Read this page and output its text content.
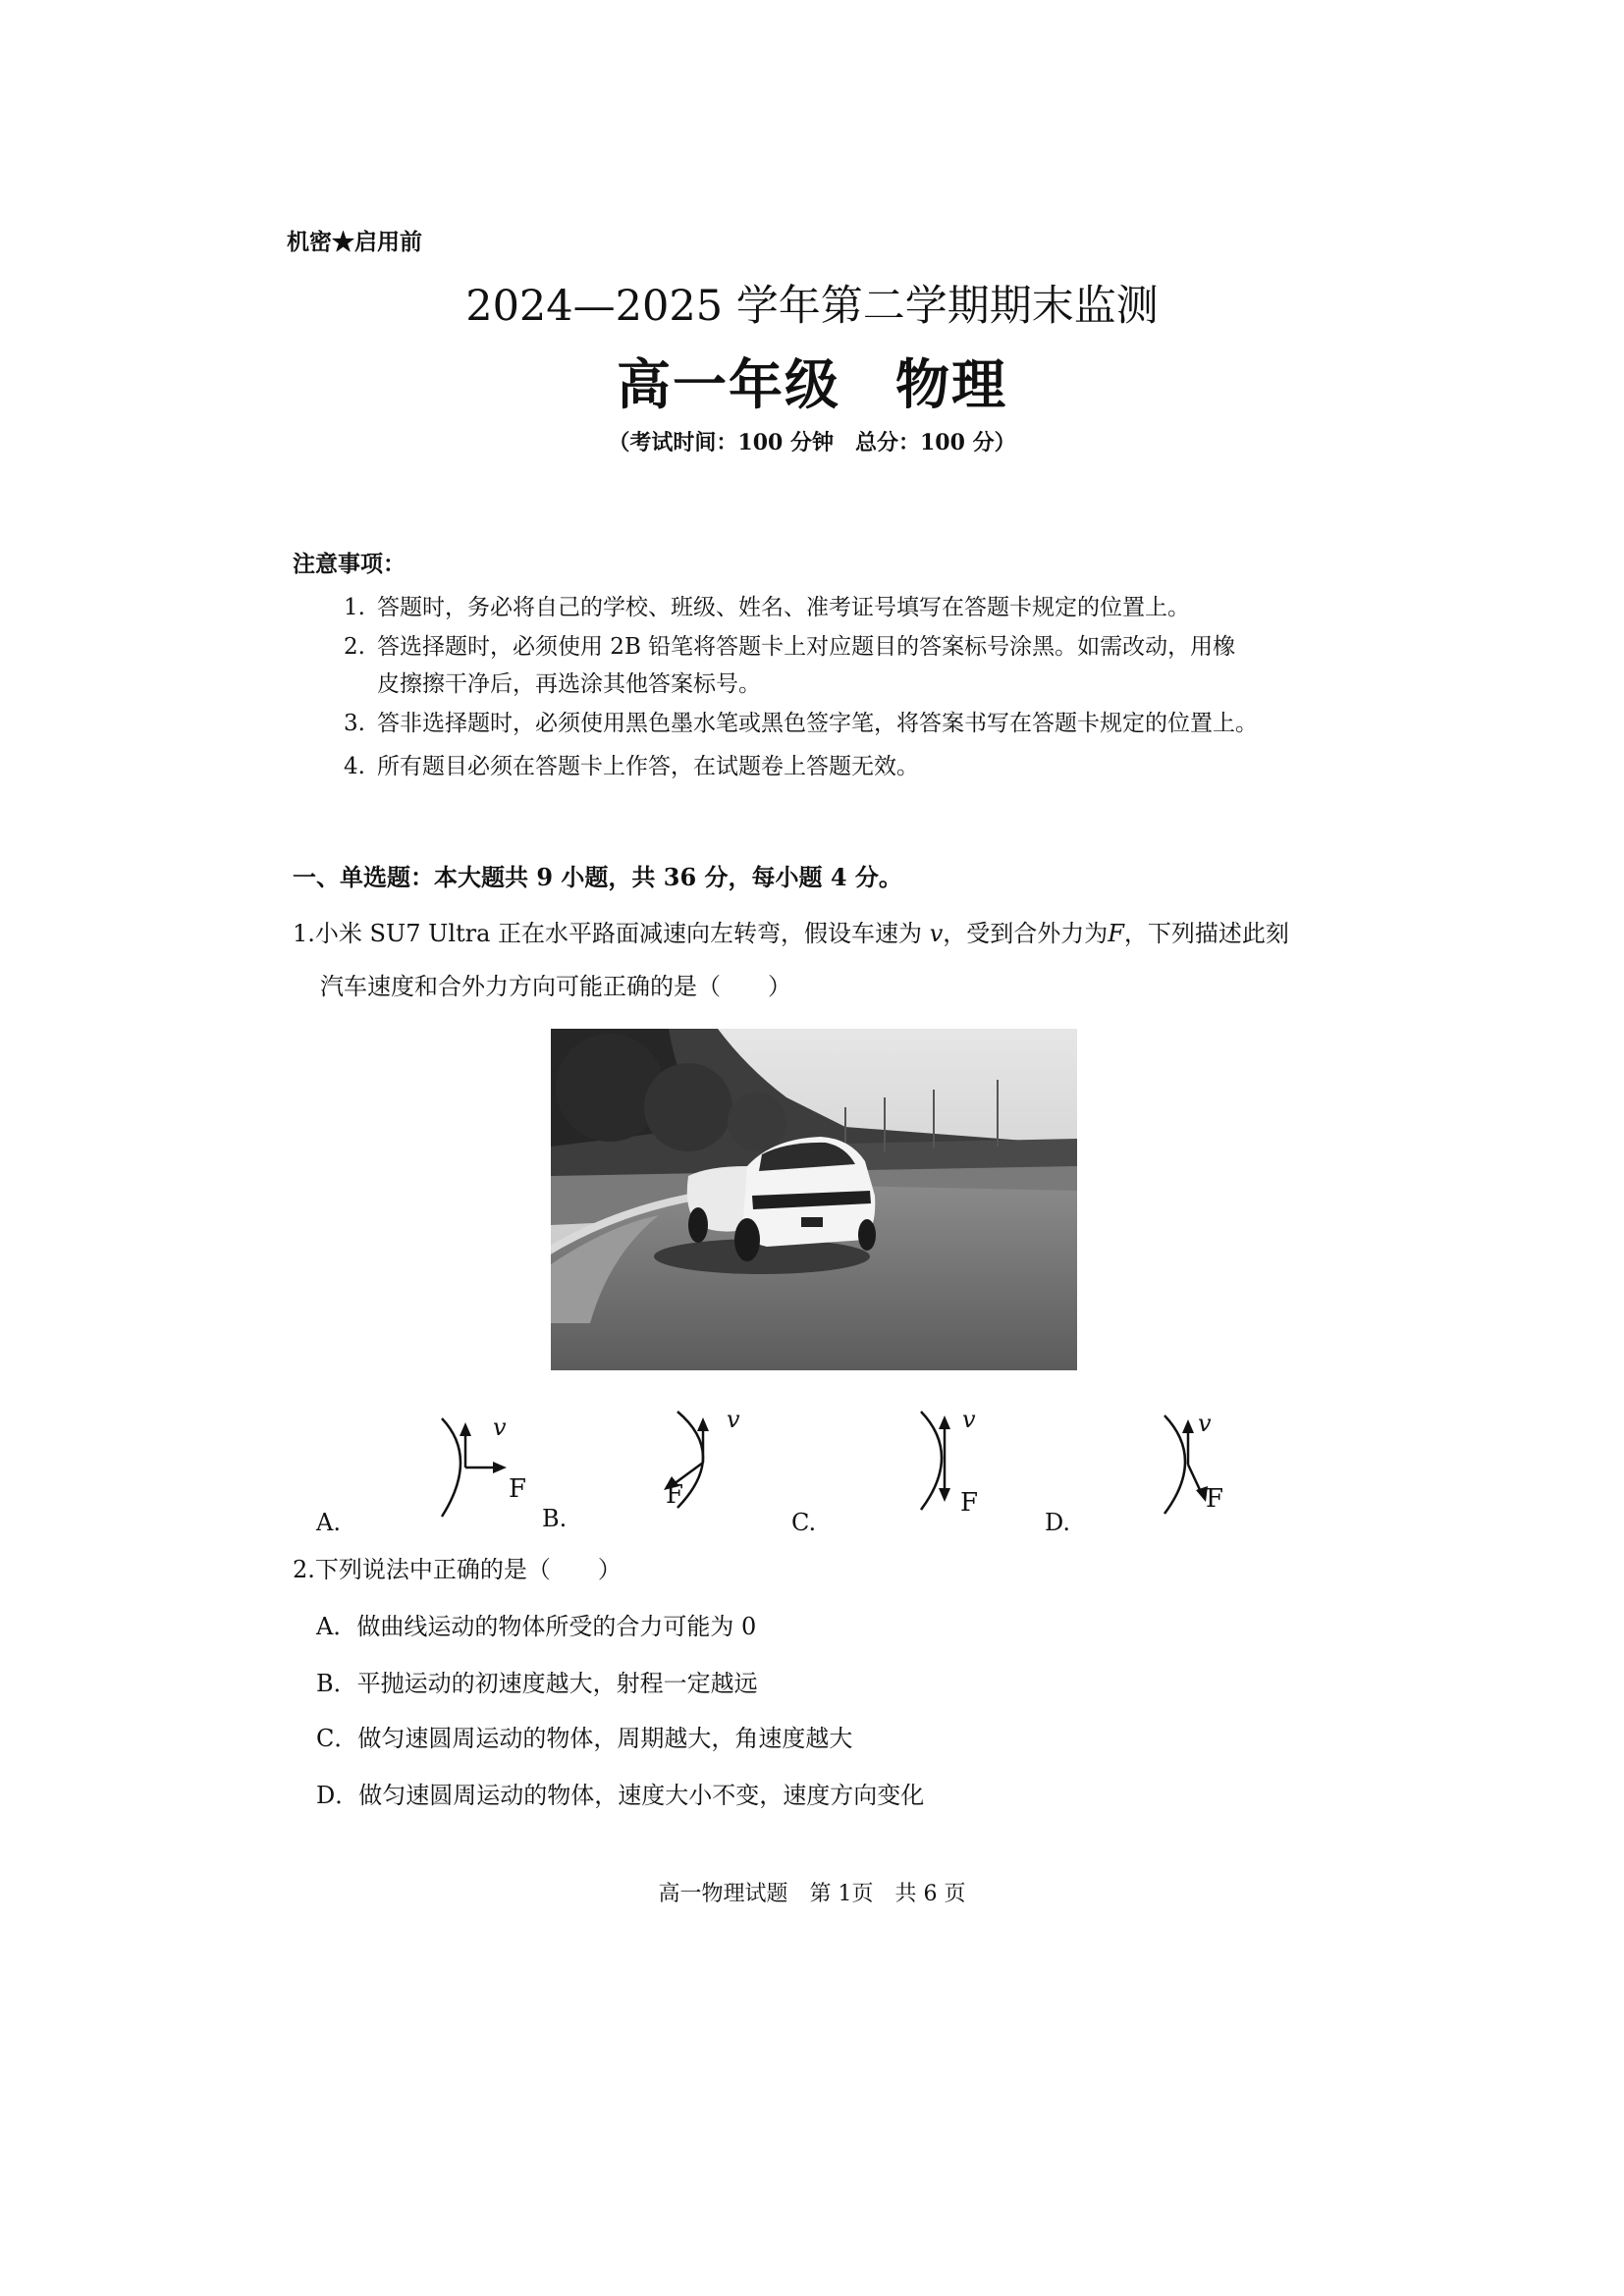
机密★启用前
2024—2025 学年第二学期期末监测
高一年级 物理
（考试时间：100 分钟　总分：100 分）
注意事项：
1. 答题时，务必将自己的学校、班级、姓名、准考证号填写在答题卡规定的位置上。
2. 答选择题时，必须使用 2B 铅笔将答题卡上对应题目的答案标号涂黑。如需改动，用橡
皮擦擦干净后，再选涂其他答案标号。
3. 答非选择题时，必须使用黑色墨水笔或黑色签字笔，将答案书写在答题卡规定的位置上。
4. 所有题目必须在答题卡上作答，在试题卷上答题无效。
一、单选题：本大题共 9 小题，共 36 分，每小题 4 分。
1.小米 SU7 Ultra 正在水平路面减速向左转弯，假设车速为 v，受到合外力为F，下列描述此刻
汽车速度和合外力方向可能正确的是（　　）
A.
v
F
B.
v
F
C.
v
F
D.
v
F
2.下列说法中正确的是（　　）
A．做曲线运动的物体所受的合力可能为 0
B．平抛运动的初速度越大，射程一定越远
C．做匀速圆周运动的物体，周期越大，角速度越大
D．做匀速圆周运动的物体，速度大小不变，速度方向变化
高一物理试题　第 1页　共 6 页
